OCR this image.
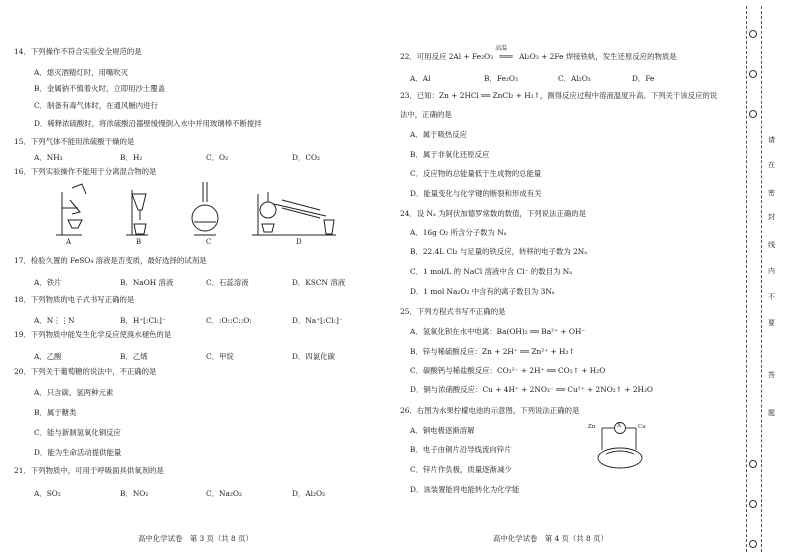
14．下列操作不符合实验安全规范的是
A．熄灭酒精灯时，用嘴吹灭
B．金属钠不慎着火时，立即用沙土覆盖
C．制备有毒气体时，在通风橱内进行
D．稀释浓硫酸时，将浓硫酸沿器壁缓慢倒入水中并用玻璃棒不断搅拌
15．下列气体不能用浓硫酸干燥的是
A．NH₃	B．H₂	C．O₂	D．CO₂
16．下列实验操作不能用于分离混合物的是
17．检验久置的 FeSO₄ 溶液是否变质，最好选择的试剂是
A．铁片	B．NaOH 溶液	C．石蕊溶液	D．KSCN 溶液
18．下列物质的电子式书写正确的是
A．N⋮⋮N	B．H⁺[:Cl:]⁻	C．:O::C::O:	D．Na⁺[:Cl:]⁻
19．下列物质中能发生化学反应使溴水褪色的是
A．乙酸	B．乙烯	C．甲烷	D．四氯化碳
20．下列关于葡萄糖的说法中，不正确的是
A．只含碳、氢两种元素
B．属于糖类
C．能与新制氢氧化铜反应
D．能为生命活动提供能量
21．下列物质中，可用于呼吸面具供氧剂的是
A．SO₂	B．NO₂	C．Na₂O₂	D．Al₂O₃
高中化学试卷　第 3 页（共 8 页）
A	B	C	D
22．可用反应 2Al + Fe₂O₃
高温
═══ Al₂O₃ + 2Fe 焊接铁轨，发生还原反应的物质是
A．Al	B．Fe₂O₃	C．Al₂O₃	D．Fe
23．已知：Zn + 2HCl ══ ZnCl₂ + H₂↑，测得反应过程中溶液温度升高。下列关于该反应的说
法中，正确的是
A．属于吸热反应
B．属于非氧化还原反应
C．反应物的总能量低于生成物的总能量
D．能量变化与化学键的断裂和形成有关
24．设 Nₐ 为阿伏加德罗常数的数值，下列说法正确的是
A．16g O₂ 所含分子数为 Nₐ
B．22.4L Cl₂ 与足量的铁反应，转移的电子数为 2Nₐ
C．1 mol/L 的 NaCl 溶液中含 Cl⁻ 的数目为 Nₐ
D．1 mol Na₂O₂ 中含有的离子数目为 3Nₐ
25．下列方程式书写不正确的是
A．氢氧化钡在水中电离：Ba(OH)₂ ══ Ba²⁺ + OH⁻
B．锌与稀硫酸反应：Zn + 2H⁺ ══ Zn²⁺ + H₂↑
C．碳酸钙与稀盐酸反应：CO₃²⁻ + 2H⁺ ══ CO₂↑ + H₂O
D．铜与浓硝酸反应：Cu + 4H⁺ + 2NO₃⁻ ══ Cu²⁺ + 2NO₂↑ + 2H₂O
26．右图为水果柠檬电池的示意图，下列说法正确的是
A．铜电极逐渐溶解
B．电子由铜片沿导线流向锌片
C．锌片作负极，质量逐渐减少
D．该装置能将电能转化为化学能
高中化学试卷　第 4 页（共 8 页）
Zn	A	Cu
请
在
密
封
线
内
不
要
答
题
